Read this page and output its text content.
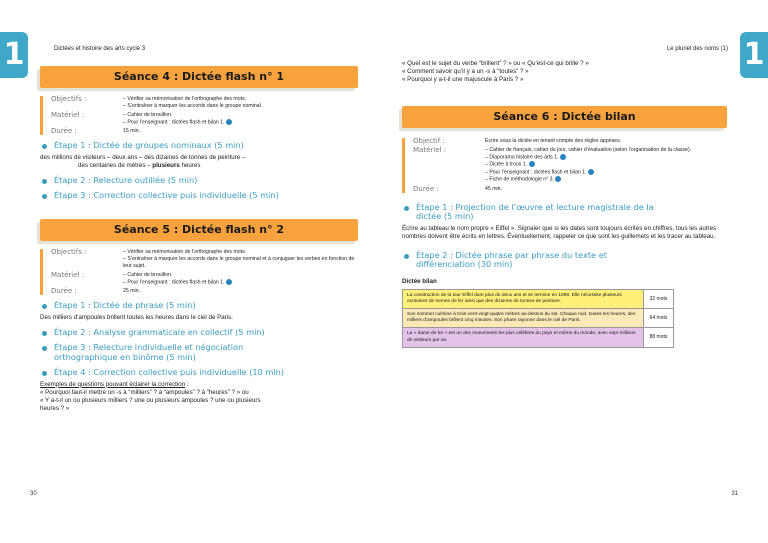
1	1
Dictées et histoire des arts cycle 3	Le pluriel des noms (1)
Séance 4 : Dictée flash n° 1
Objectifs :	– Vérifier sa mémorisation de l’orthographe des mots.
– S’entraîner à marquer les accords dans le groupe nominal.
Matériel :	– Cahier de brouillon.
– Pour l’enseignant : dictées flash et bilan 1.
Durée :	15 min.
Étape 1 : Dictée de groupes nominaux (5 min)
des millions de visiteurs – deux ans – des dizaines de tonnes de peinture –
des centaines de mètres – plusieurs heures
Étape 2 : Relecture outillée (5 min)
Étape 3 : Correction collective puis individuelle (5 min)
Séance 5 : Dictée flash n° 2
Objectifs :	– Vérifier sa mémorisation de l’orthographe des mots.
– S’entraîner à marquer les accords dans le groupe nominal et à conjuguer les verbes en fonction de leur sujet.
Matériel :	– Cahier de brouillon.
– Pour l’enseignant : dictées flash et bilan 1.
Durée :	25 min.
Étape 1 : Dictée de phrase (5 min)
Des milliers d’ampoules brillent toutes les heures dans le ciel de Paris.
Étape 2 : Analyse grammaticale en collectif (5 min)
Étape 3 : Relecture individuelle et négociation orthographique en binôme (5 min)
Étape 4 : Correction collective puis individuelle (10 min)
Exemples de questions pouvant éclairer la correction :
« Pourquoi faut-il mettre un -s à “milliers” ? à “ampoules” ? à “heures” ? » ou
« Y a-t-il un ou plusieurs milliers ? une ou plusieurs ampoules ? une ou plusieurs
heures ? »
30
« Quel est le sujet du verbe “brillent” ? » ou « Qu’est-ce qui brille ? »
« Comment savoir qu’il y a un -s à “toutes” ? »
« Pourquoi y a-t-il une majuscule à Paris ? »
Séance 6 : Dictée bilan
Objectif :	Écrire sous la dictée en tenant compte des règles apprises.
Matériel :	– Cahier de français, cahier du jour, cahier d’évaluation (selon l’organisation de la classe).
– Diaporama histoire des arts 1.
– Dictée à trous 1.
– Pour l’enseignant : dictées flash et bilan 1.
– Fiche de méthodologie n° 3.
Durée :	45 min.
Étape 1 : Projection de l’œuvre et lecture magistrale de la dictée (5 min)
Écrire au tableau le nom propre « Eiffel ». Signaler que si les dates sont toujours écrites en chiffres, tous les autres nombres doivent être écrits en lettres. Éventuellement, rappeler ce que sont les guillemets et les tracer au tableau.
Étape 2 : Dictée phrase par phrase du texte et différenciation (30 min)
Dictée bilan
La construction de la tour Eiffel dure plus de deux ans et se termine en 1889. Elle nécessite plusieurs centaines de tonnes de fer ainsi que des dizaines de tonnes de peinture.	32 mots
Son sommet culmine à trois-cent-vingt-quatre mètres au-dessus du sol. Chaque nuit, toutes les heures, des milliers d’ampoules brillent cinq minutes. Son phare rayonne dans le ciel de Paris.	64 mots
La « dame de fer » est un des monuments les plus célèbres du pays et même du monde, avec sept millions de visiteurs par an.	88 mots
31
